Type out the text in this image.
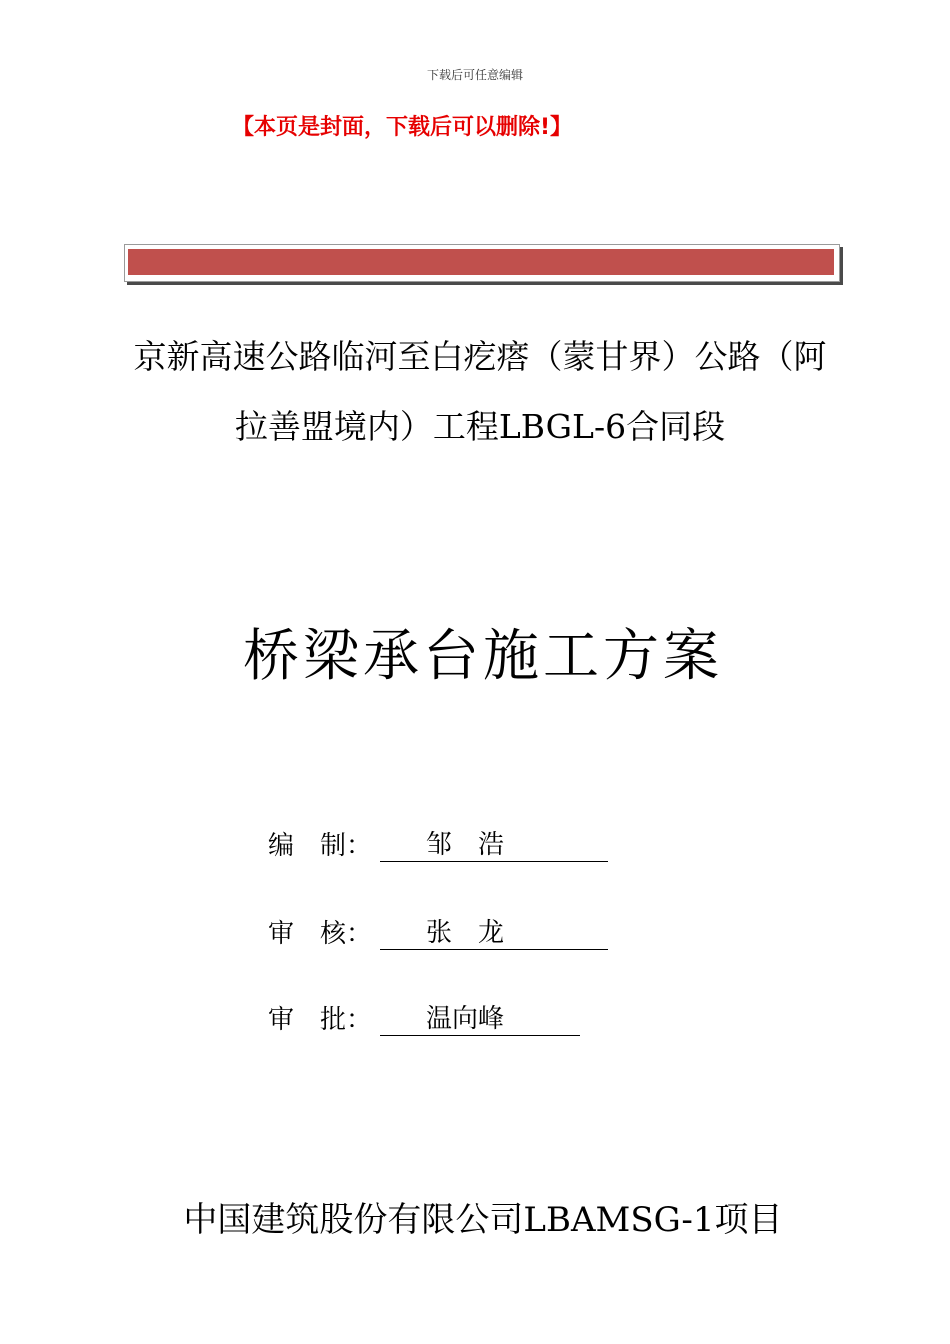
下载后可任意编辑
【本页是封面，下载后可以删除!】
京新高速公路临河至白疙瘩（蒙甘界）公路（阿
拉善盟境内）工程LBGL-6合同段
桥梁承台施工方案
编　制：	邹　浩
审　核：	张　龙
审　批：	温向峰
中国建筑股份有限公司LBAMSG-1项目
